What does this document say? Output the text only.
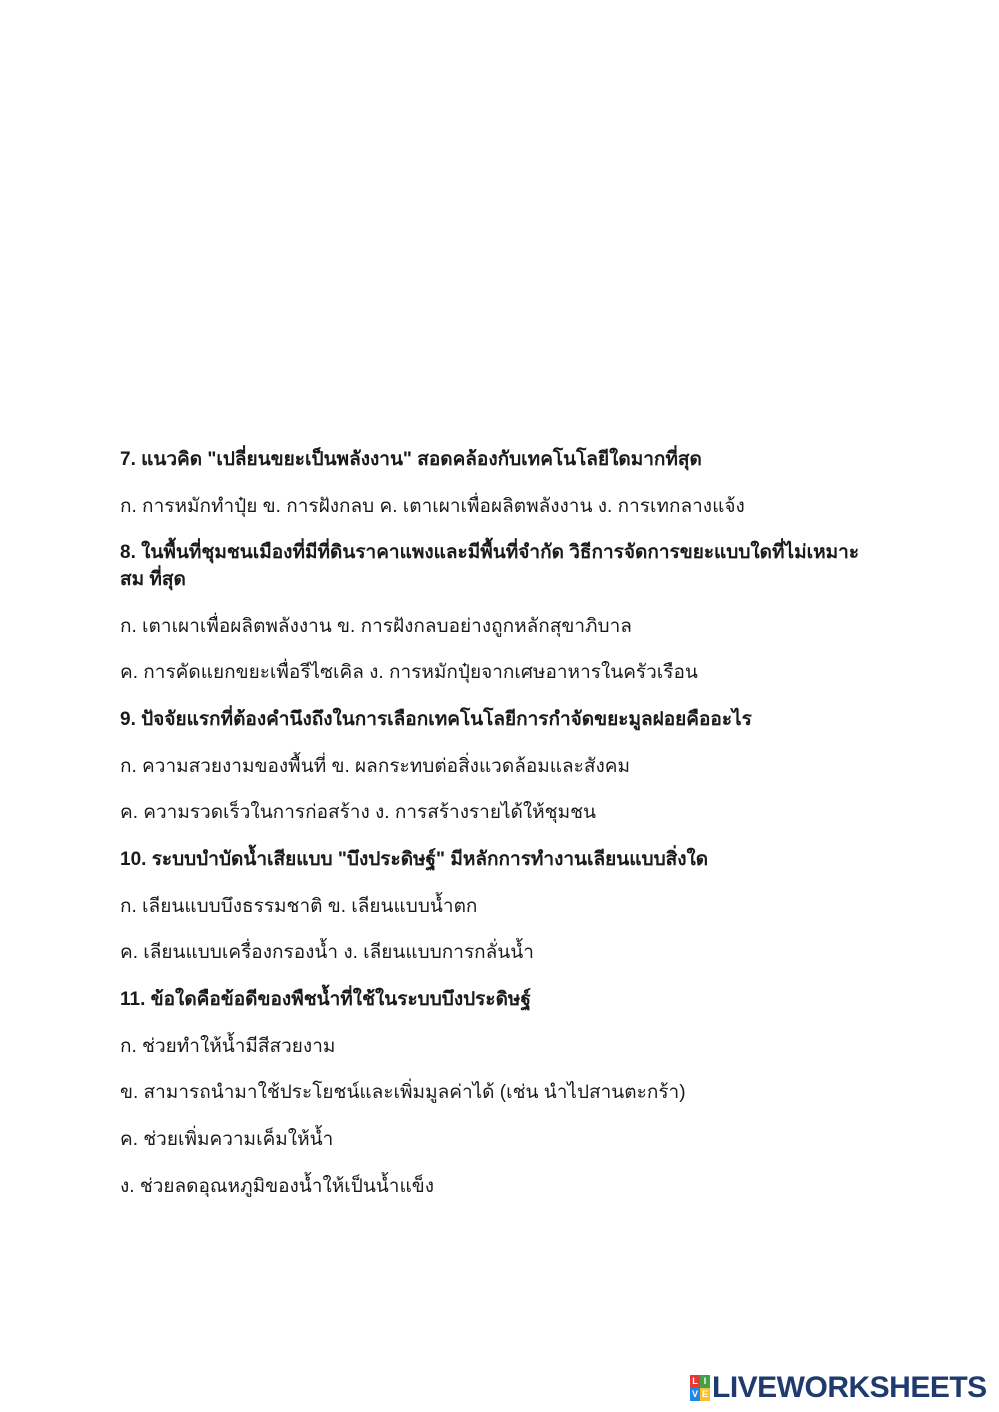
7. แนวคิด "เปลี่ยนขยะเป็นพลังงาน" สอดคล้องกับเทคโนโลยีใดมากที่สุด
ก. การหมักทำปุ๋ย ข. การฝังกลบ ค. เตาเผาเพื่อผลิตพลังงาน ง. การเทกลางแจ้ง
8. ในพื้นที่ชุมชนเมืองที่มีที่ดินราคาแพงและมีพื้นที่จำกัด วิธีการจัดการขยะแบบใดที่ไม่เหมาะสม ที่สุด
ก. เตาเผาเพื่อผลิตพลังงาน ข. การฝังกลบอย่างถูกหลักสุขาภิบาล
ค. การคัดแยกขยะเพื่อรีไซเคิล ง. การหมักปุ๋ยจากเศษอาหารในครัวเรือน
9. ปัจจัยแรกที่ต้องคำนึงถึงในการเลือกเทคโนโลยีการกำจัดขยะมูลฝอยคืออะไร
ก. ความสวยงามของพื้นที่ ข. ผลกระทบต่อสิ่งแวดล้อมและสังคม
ค. ความรวดเร็วในการก่อสร้าง ง. การสร้างรายได้ให้ชุมชน
10. ระบบบำบัดน้ำเสียแบบ "บึงประดิษฐ์" มีหลักการทำงานเลียนแบบสิ่งใด
ก. เลียนแบบบึงธรรมชาติ ข. เลียนแบบน้ำตก
ค. เลียนแบบเครื่องกรองน้ำ ง. เลียนแบบการกลั่นน้ำ
11. ข้อใดคือข้อดีของพืชน้ำที่ใช้ในระบบบึงประดิษฐ์
ก. ช่วยทำให้น้ำมีสีสวยงาม
ข. สามารถนำมาใช้ประโยชน์และเพิ่มมูลค่าได้ (เช่น นำไปสานตะกร้า)
ค. ช่วยเพิ่มความเค็มให้น้ำ
ง. ช่วยลดอุณหภูมิของน้ำให้เป็นน้ำแข็ง
L I
V E LIVEWORKSHEETS
